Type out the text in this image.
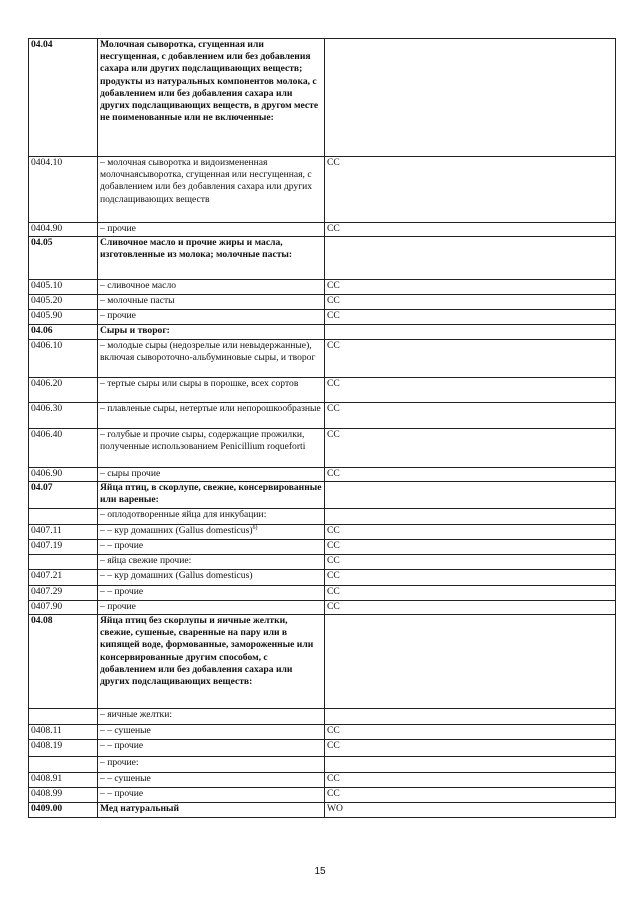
04.04	Молочная сыворотка, сгущенная или несгущенная, с добавлением или без добавления сахара или других подслащивающих веществ; продукты из натуральных компонентов молока, с добавлением или без добавления сахара или других подслащивающих веществ, в другом месте не поименованные или не включенные:	
0404.10	– молочная сыворотка и видоизмененная молочнаясыворотка, сгущенная или несгущенная, с добавлением или без добавления сахара или других подслащивающих веществ	СС
0404.90	– прочие	СС
04.05	Сливочное масло и прочие жиры и масла, изготовленные из молока; молочные пасты:	
0405.10	– сливочное масло	СС
0405.20	– молочные пасты	СС
0405.90	– прочие	СС
04.06	Сыры и творог:	
0406.10	– молодые сыры (недозрелые или невыдержанные), включая сывороточно-альбуминовые сыры, и творог	СС
0406.20	– тертые сыры или сыры в порошке, всех сортов	СС
0406.30	– плавленые сыры, нетертые или непорошкообразные	СС
0406.40	– голубые и прочие сыры, содержащие прожилки, полученные использованием Penicillium roqueforti	СС
0406.90	– сыры прочие	СС
04.07	Яйца птиц, в скорлупе, свежие, консервированные или вареные:	
	– оплодотворенные яйца для инкубации:	
0407.11	– – кур домашних (Gallus domesticus)$^{6)}$	СС
0407.19	– – прочие	СС
	– яйца свежие прочие:	СС
0407.21	– – кур домашних (Gallus domesticus)	СС
0407.29	– – прочие	СС
0407.90	– прочие	СС
04.08	Яйца птиц без скорлупы и яичные желтки, свежие, сушеные, сваренные на пару или в кипящей воде, формованные, замороженные или консервированные другим способом, с добавлением или без добавления сахара или других подслащивающих веществ:	
	– яичные желтки:	
0408.11	– – сушеные	СС
0408.19	– – прочие	СС
	– прочие:	
0408.91	– – сушеные	СС
0408.99	– – прочие	СС
0409.00	Мед натуральный	WO
15
